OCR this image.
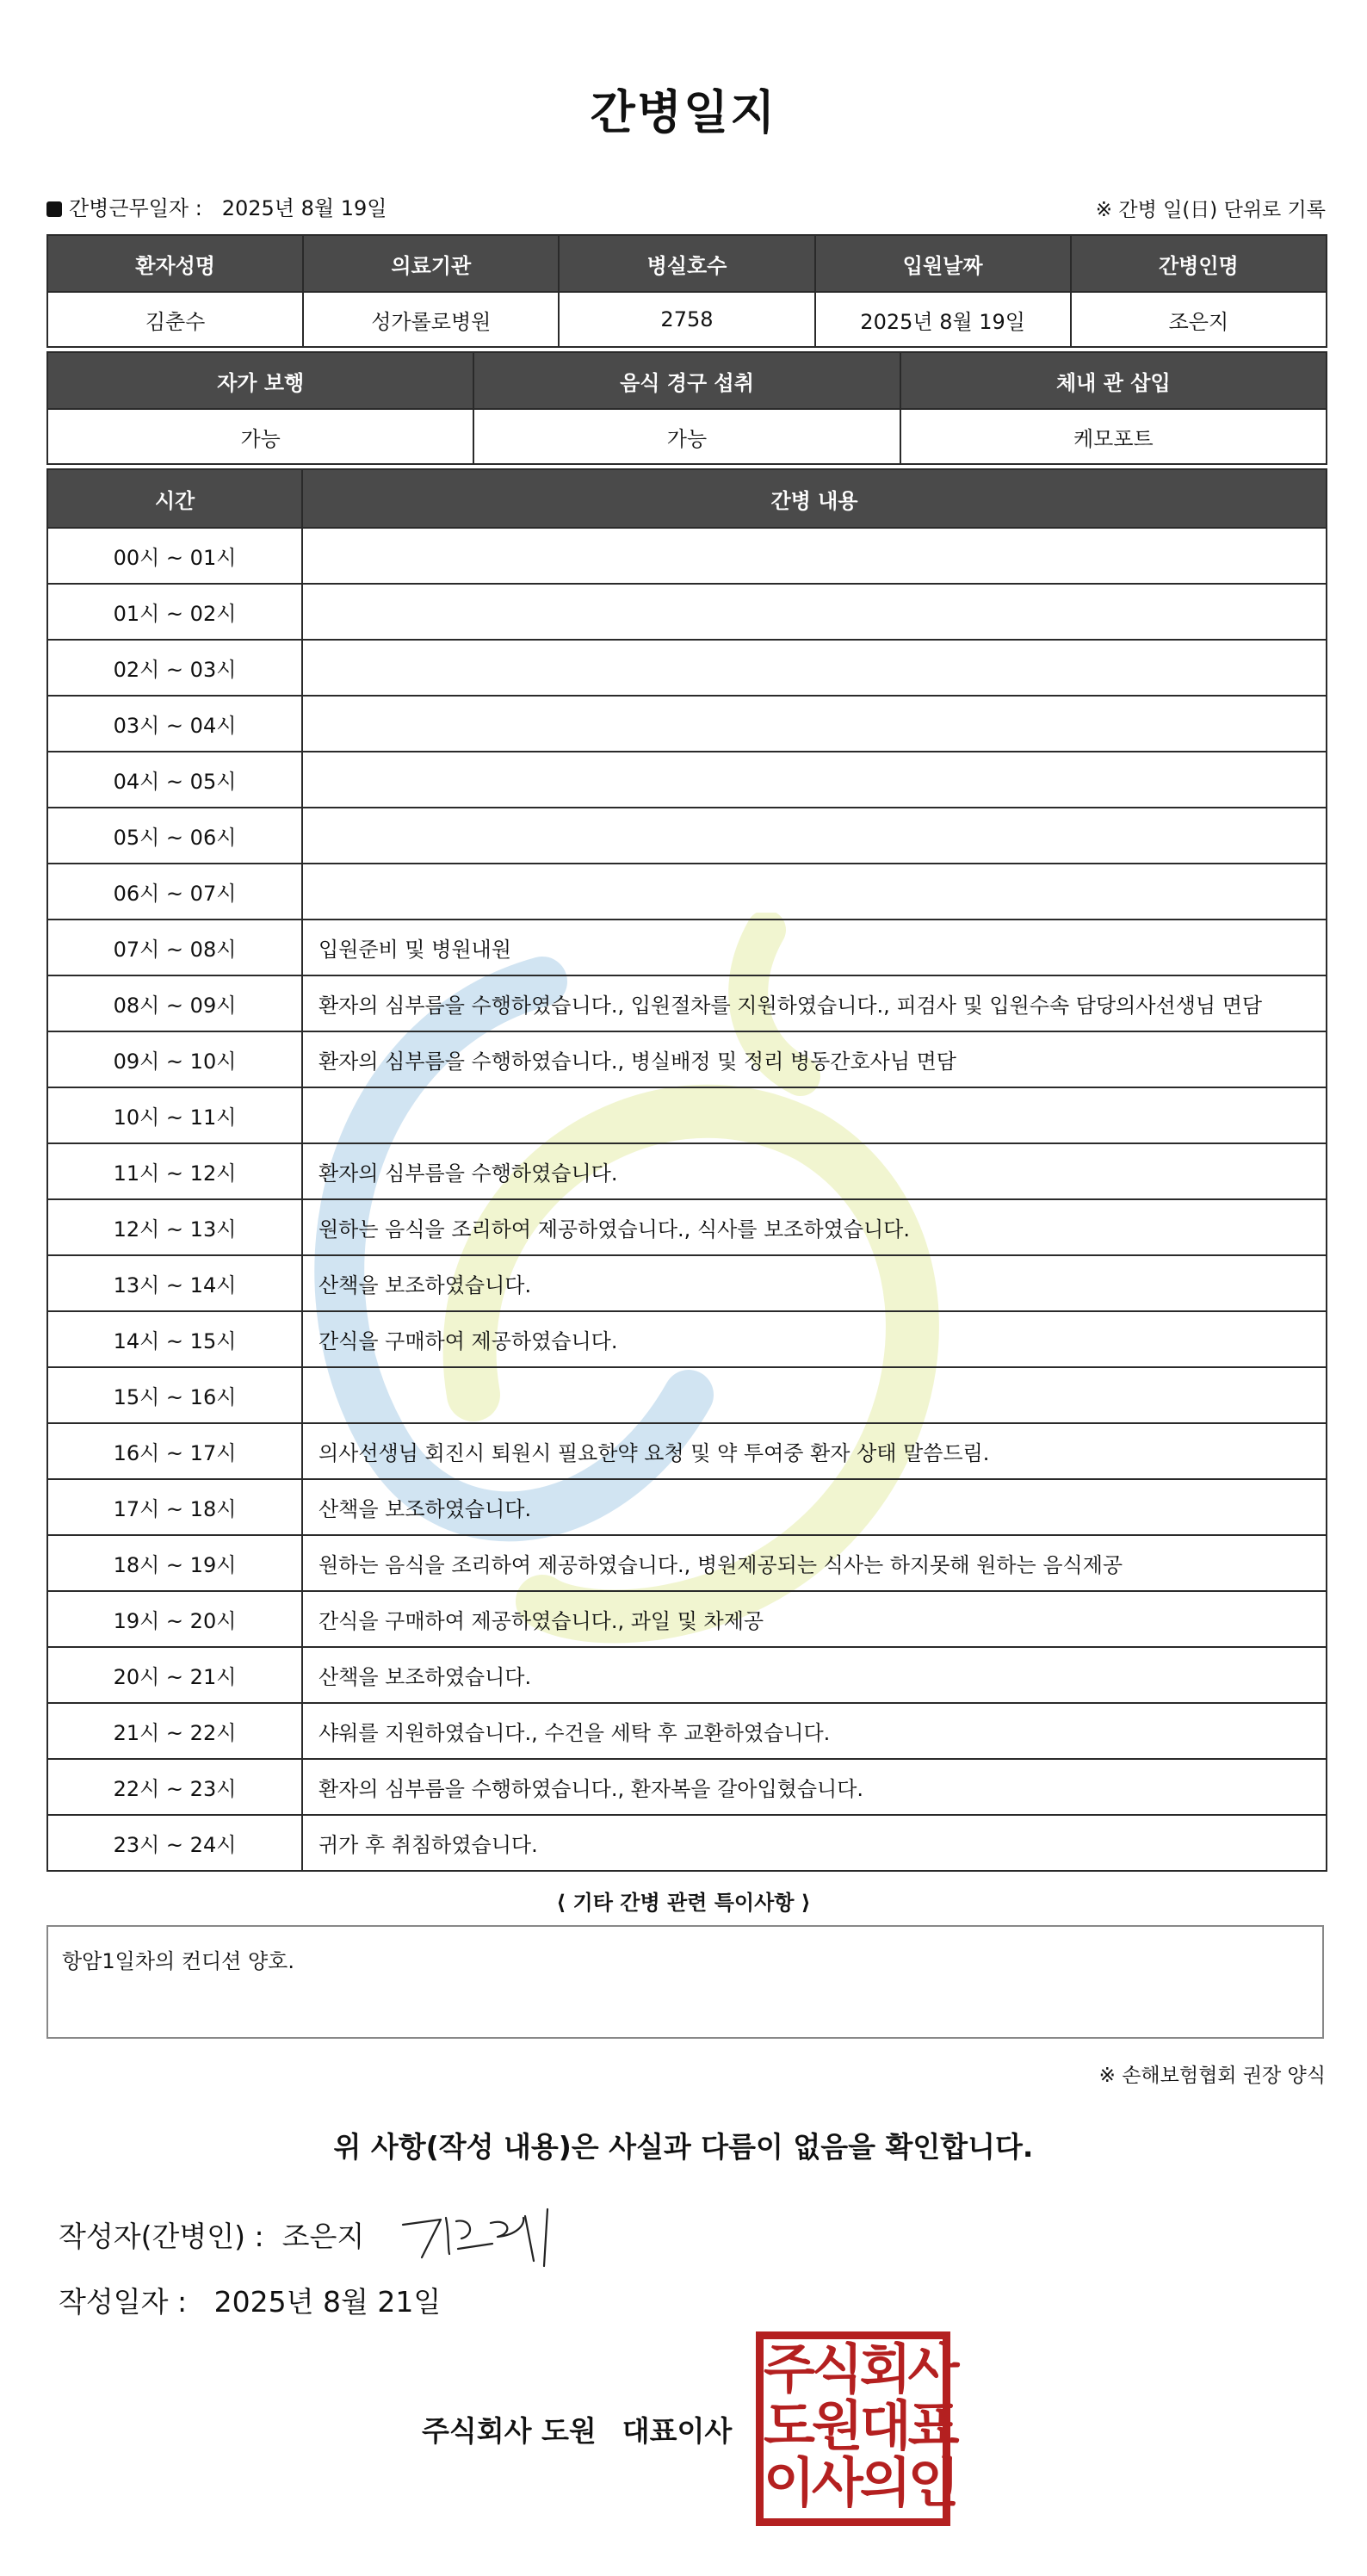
간병일지
간병근무일자 : 2025년 8월 19일	※ 간병 일(日) 단위로 기록
환자성명	의료기관	병실호수	입원날짜	간병인명
김춘수	성가롤로병원	2758	2025년 8월 19일	조은지
자가 보행	음식 경구 섭취	체내 관 삽입
가능	가능	케모포트
시간	간병 내용
00시 ~ 01시	
01시 ~ 02시	
02시 ~ 03시	
03시 ~ 04시	
04시 ~ 05시	
05시 ~ 06시	
06시 ~ 07시	
07시 ~ 08시	입원준비 및 병원내원
08시 ~ 09시	환자의 심부름을 수행하였습니다., 입원절차를 지원하였습니다., 피검사 및 입원수속 담당의사선생님 면담
09시 ~ 10시	환자의 심부름을 수행하였습니다., 병실배정 및 정리 병동간호사님 면담
10시 ~ 11시	
11시 ~ 12시	환자의 심부름을 수행하였습니다.
12시 ~ 13시	원하는 음식을 조리하여 제공하였습니다., 식사를 보조하였습니다.
13시 ~ 14시	산책을 보조하였습니다.
14시 ~ 15시	간식을 구매하여 제공하였습니다.
15시 ~ 16시	
16시 ~ 17시	의사선생님 회진시 퇴원시 필요한약 요청 및 약 투여중 환자 상태 말씀드림.
17시 ~ 18시	산책을 보조하였습니다.
18시 ~ 19시	원하는 음식을 조리하여 제공하였습니다., 병원제공되는 식사는 하지못해 원하는 음식제공
19시 ~ 20시	간식을 구매하여 제공하였습니다., 과일 및 차제공
20시 ~ 21시	산책을 보조하였습니다.
21시 ~ 22시	샤워를 지원하였습니다., 수건을 세탁 후 교환하였습니다.
22시 ~ 23시	환자의 심부름을 수행하였습니다., 환자복을 갈아입혔습니다.
23시 ~ 24시	귀가 후 취침하였습니다.
⟨ 기타 간병 관련 특이사항 ⟩
항암1일차의 컨디션 양호.
※ 손해보험협회 권장 양식
위 사항(작성 내용)은 사실과 다름이 없음을 확인합니다.
작성자(간병인) : 조은지
작성일자 : 2025년 8월 21일
주식회사 도원 대표이사
주식회사
도원대표
이사의인
